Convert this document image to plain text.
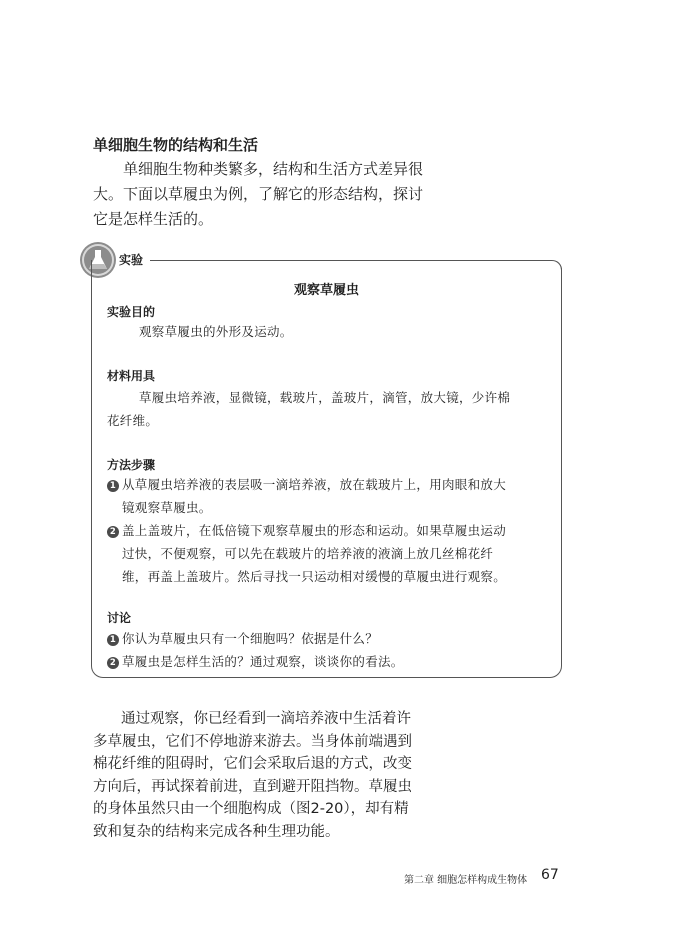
单细胞生物的结构和生活
单细胞生物种类繁多，结构和生活方式差异很大。下面以草履虫为例，了解它的形态结构，探讨它是怎样生活的。
实验
观察草履虫
实验目的
观察草履虫的外形及运动。
材料用具
草履虫培养液，显微镜，载玻片，盖玻片，滴管，放大镜，少许棉
花纤维。
方法步骤
1 从草履虫培养液的表层吸一滴培养液，放在载玻片上，用肉眼和放大
镜观察草履虫。
2 盖上盖玻片，在低倍镜下观察草履虫的形态和运动。如果草履虫运动
过快，不便观察，可以先在载玻片的培养液的液滴上放几丝棉花纤
维，再盖上盖玻片。然后寻找一只运动相对缓慢的草履虫进行观察。
讨论
1 你认为草履虫只有一个细胞吗？依据是什么？
2 草履虫是怎样生活的？通过观察，谈谈你的看法。
通过观察，你已经看到一滴培养液中生活着许多草履虫，它们不停地游来游去。当身体前端遇到棉花纤维的阻碍时，它们会采取后退的方式，改变方向后，再试探着前进，直到避开阻挡物。草履虫的身体虽然只由一个细胞构成（图2-20），却有精致和复杂的结构来完成各种生理功能。
第二章 细胞怎样构成生物体 67
